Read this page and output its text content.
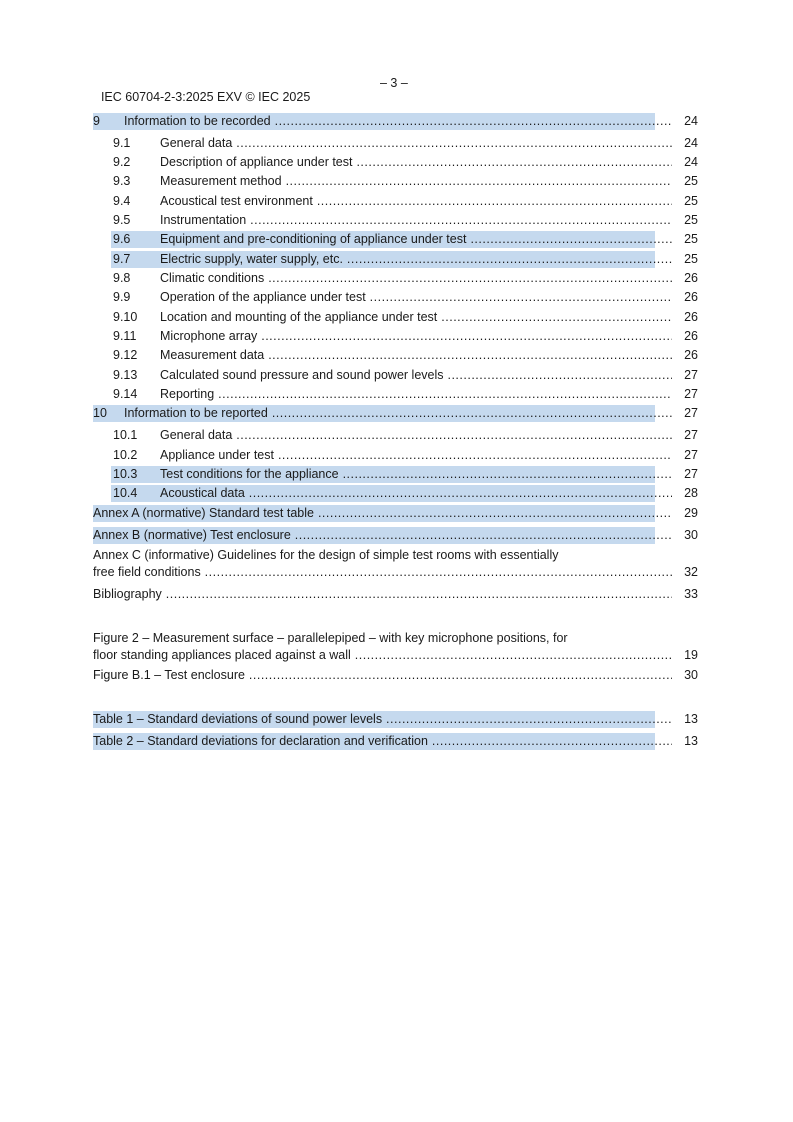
IEC 60704-2-3:2025 EXV © IEC 2025

– 3 –

9 Information to be recorded .....	24
9.1 General data .....	24
9.2 Description of appliance under test .....	24
9.3 Measurement method .....	25
9.4 Acoustical test environment .....	25
9.5 Instrumentation .....	25
9.6 Equipment and pre-conditioning of appliance under test .....	25
9.7 Electric supply, water supply, etc. .....	25
9.8 Climatic conditions .....	26
9.9 Operation of the appliance under test .....	26
9.10 Location and mounting of the appliance under test .....	26
9.11 Microphone array .....	26
9.12 Measurement data .....	26
9.13 Calculated sound pressure and sound power levels .....	27
9.14 Reporting .....	27
10 Information to be reported .....	27
10.1 General data .....	27
10.2 Appliance under test .....	27
10.3 Test conditions for the appliance .....	27
10.4 Acoustical data .....	28
Annex A (normative) Standard test table .....	29
Annex B (normative) Test enclosure .....	30
Annex C (informative) Guidelines for the design of simple test rooms with essentially
free field conditions .....	32
Bibliography .....	33
Figure 2 – Measurement surface – parallelepiped – with key microphone positions, for
floor standing appliances placed against a wall .....	19
Figure B.1 – Test enclosure .....	30
Table 1 – Standard deviations of sound power levels .....	13
Table 2 – Standard deviations for declaration and verification .....	13
